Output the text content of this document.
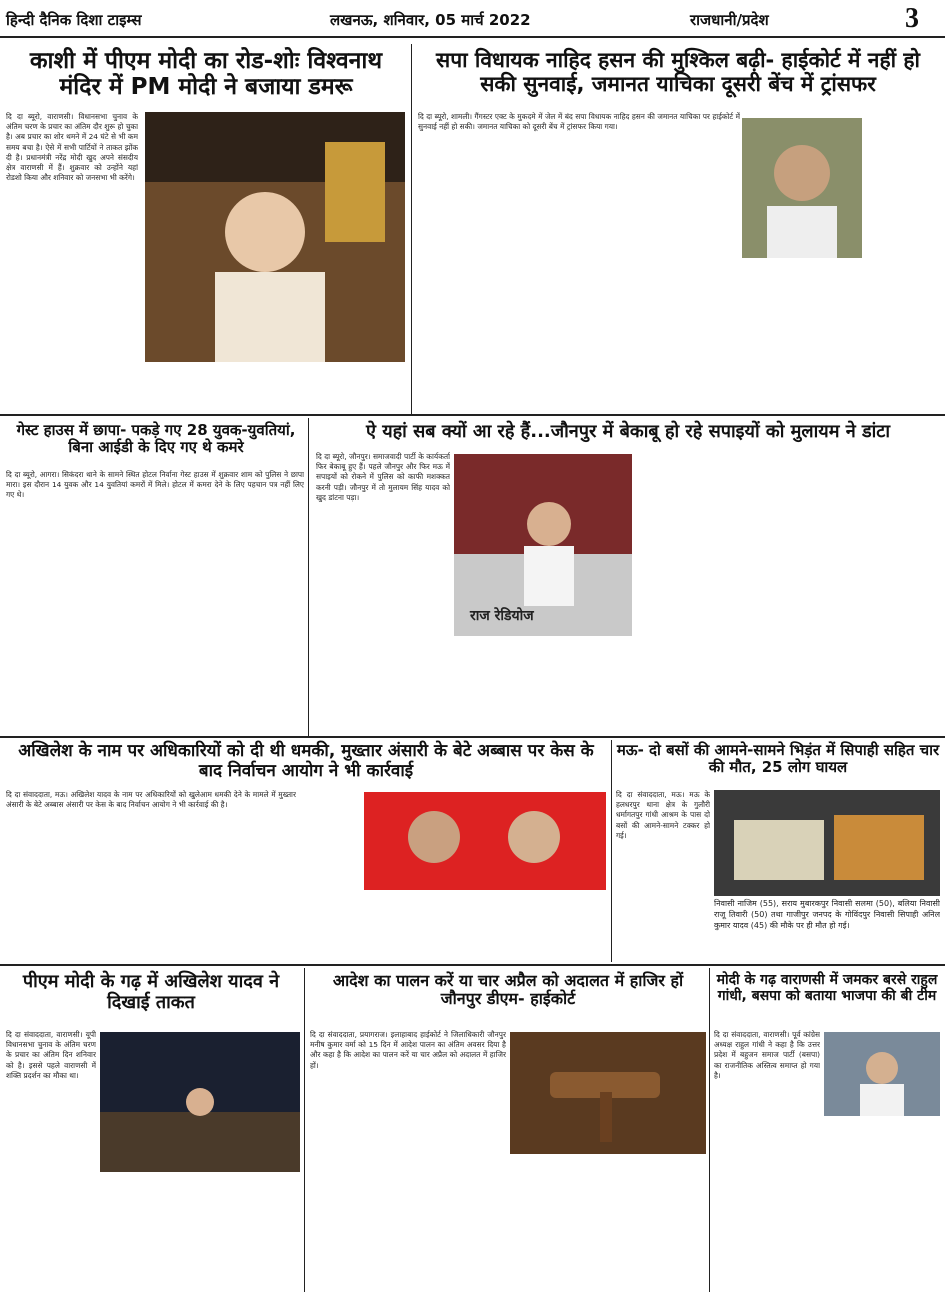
हिन्दी दैनिक दिशा टाइम्स	लखनऊ, शनिवार, 05 मार्च 2022	राजधानी/प्रदेश	3
काशी में पीएम मोदी का रोड-शोः विश्वनाथ मंदिर में PM मोदी ने बजाया डमरू
दि दा ब्यूरो, वाराणसी। विधानसभा चुनाव के अंतिम चरण के प्रचार का अंतिम दौर शुरू हो चुका है। अब प्रचार का शोर थमने में 24 घंटे से भी कम समय बचा है। ऐसे में सभी पार्टियों ने ताकत झोंक दी है। प्रधानमंत्री नरेंद्र मोदी खुद अपने संसदीय क्षेत्र वाराणसी में हैं। शुक्रवार को उन्होंने यहां रोडशो किया और शनिवार को जनसभा भी करेंगे।
सपा विधायक नाहिद हसन की मुश्किल बढ़ी- हाईकोर्ट में नहीं हो सकी सुनवाई, जमानत याचिका दूसरी बेंच में ट्रांसफर
दि दा ब्यूरो, शामली। गैंगस्टर एक्ट के मुकदमे में जेल में बंद सपा विधायक नाहिद हसन की जमानत याचिका पर हाईकोर्ट में सुनवाई नहीं हो सकी। जमानत याचिका को दूसरी बेंच में ट्रांसफर किया गया।
गेस्ट हाउस में छापा- पकड़े गए 28 युवक-युवतियां, बिना आईडी के दिए गए थे कमरे
दि दा ब्यूरो, आगरा। सिकंदरा थाने के सामने स्थित होटल निर्वाना गेस्ट हाउस में शुक्रवार शाम को पुलिस ने छापा मारा। इस दौरान 14 युवक और 14 युवतियां कमरों में मिले। होटल में कमरा देने के लिए पहचान पत्र नहीं लिए गए थे।
ऐ यहां सब क्यों आ रहे हैं...जौनपुर में बेकाबू हो रहे सपाइयों को मुलायम ने डांटा
दि दा ब्यूरो, जौनपुर। समाजवादी पार्टी के कार्यकर्ता फिर बेकाबू हुए हैं। पहले जौनपुर और फिर मऊ में सपाइयों को रोकने में पुलिस को काफी मशक्कत करनी पड़ी। जौनपुर में तो मुलायम सिंह यादव को खुद डांटना पड़ा।
राज रेडियोज
अखिलेश के नाम पर अधिकारियों को दी थी धमकी, मुख्तार अंसारी के बेटे अब्बास पर केस के बाद निर्वाचन आयोग ने भी कार्रवाई
दि दा संवाददाता, मऊ। अखिलेश यादव के नाम पर अधिकारियों को खुलेआम धमकी देने के मामले में मुख्तार अंसारी के बेटे अब्बास अंसारी पर केस के बाद निर्वाचन आयोग ने भी कार्रवाई की है।
मऊ- दो बसों की आमने-सामने भिड़ंत में सिपाही सहित चार की मौत, 25 लोग घायल
दि दा संवाददाता, मऊ। मऊ के हलधरपुर थाना क्षेत्र के गुलौरी धर्मागतपुर गांधी आश्रम के पास दो बसों की आमने-सामने टक्कर हो गई।
निवासी नाजिम (55), सराय मुबारकपुर निवासी सलमा (50), बलिया निवासी राजू तिवारी (50) तथा गाजीपुर जनपद के गोविंदपुर निवासी सिपाही अनिल कुमार यादव (45) की मौके पर ही मौत हो गई।
पीएम मोदी के गढ़ में अखिलेश यादव ने दिखाई ताकत
दि दा संवाददाता, वाराणसी। यूपी विधानसभा चुनाव के अंतिम चरण के प्रचार का अंतिम दिन शनिवार को है। इससे पहले वाराणसी में शक्ति प्रदर्शन का मौका था।
आदेश का पालन करें या चार अप्रैल को अदालत में हाजिर हों जौनपुर डीएम- हाईकोर्ट
दि दा संवाददाता, प्रयागराज। इलाहाबाद हाईकोर्ट ने जिलाधिकारी जौनपुर मनीष कुमार वर्मा को 15 दिन में आदेश पालन का अंतिम अवसर दिया है और कहा है कि आदेश का पालन करें या चार अप्रैल को अदालत में हाजिर हों।
मोदी के गढ़ वाराणसी में जमकर बरसे राहुल गांधी, बसपा को बताया भाजपा की बी टीम
दि दा संवाददाता, वाराणसी। पूर्व कांग्रेस अध्यक्ष राहुल गांधी ने कहा है कि उत्तर प्रदेश में बहुजन समाज पार्टी (बसपा) का राजनीतिक अस्तित्व समाप्त हो गया है।
